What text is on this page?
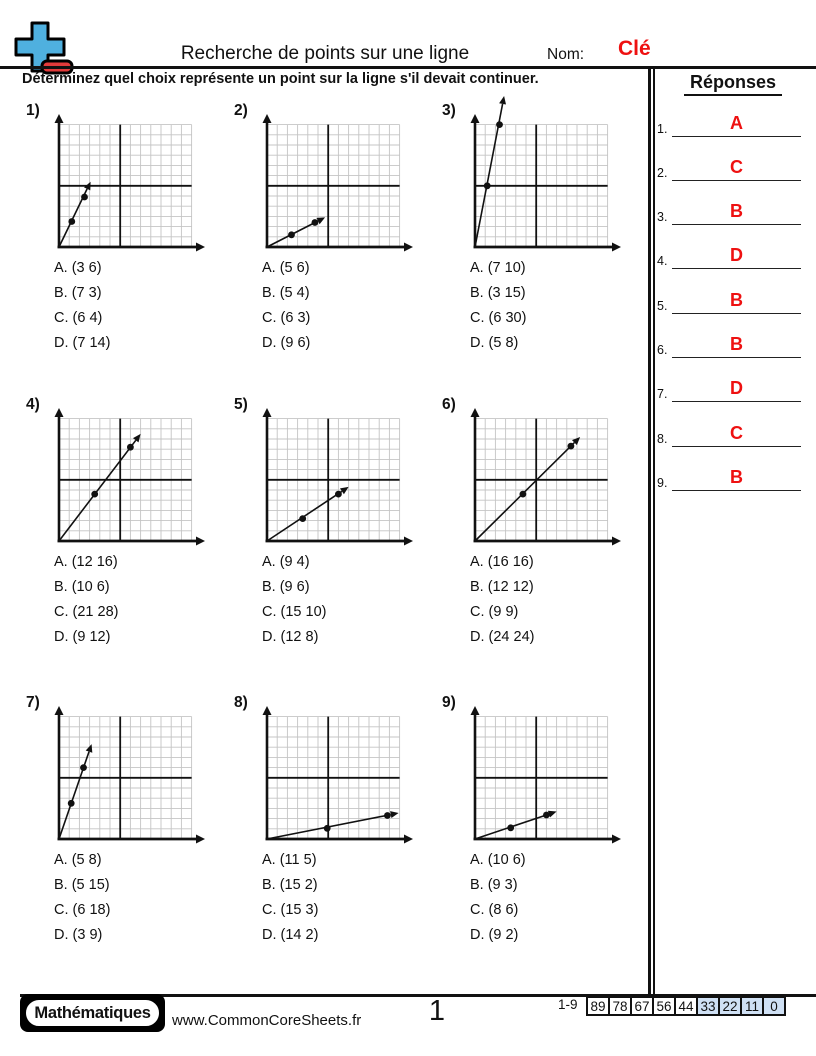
Recherche de points sur une ligne	Nom: Clé
Déterminez quel choix représente un point sur la ligne s'il devait continuer.	Réponses
1.	A
2.	C
3.	B
4.	D
5.	B
6.	B
7.	D
8.	C
9.	B
1)
A. (3 6)
B. (7 3)
C. (6 4)
D. (7 14)
2)
A. (5 6)
B. (5 4)
C. (6 3)
D. (9 6)
3)
A. (7 10)
B. (3 15)
C. (6 30)
D. (5 8)
4)
A. (12 16)
B. (10 6)
C. (21 28)
D. (9 12)
5)
A. (9 4)
B. (9 6)
C. (15 10)
D. (12 8)
6)
A. (16 16)
B. (12 12)
C. (9 9)
D. (24 24)
7)
A. (5 8)
B. (5 15)
C. (6 18)
D. (3 9)
8)
A. (11 5)
B. (15 2)
C. (15 3)
D. (14 2)
9)
A. (10 6)
B. (9 3)
C. (8 6)
D. (9 2)
Mathématiques	www.CommonCoreSheets.fr	1	1-9 89 78 67 56 44 33 22 11 0
